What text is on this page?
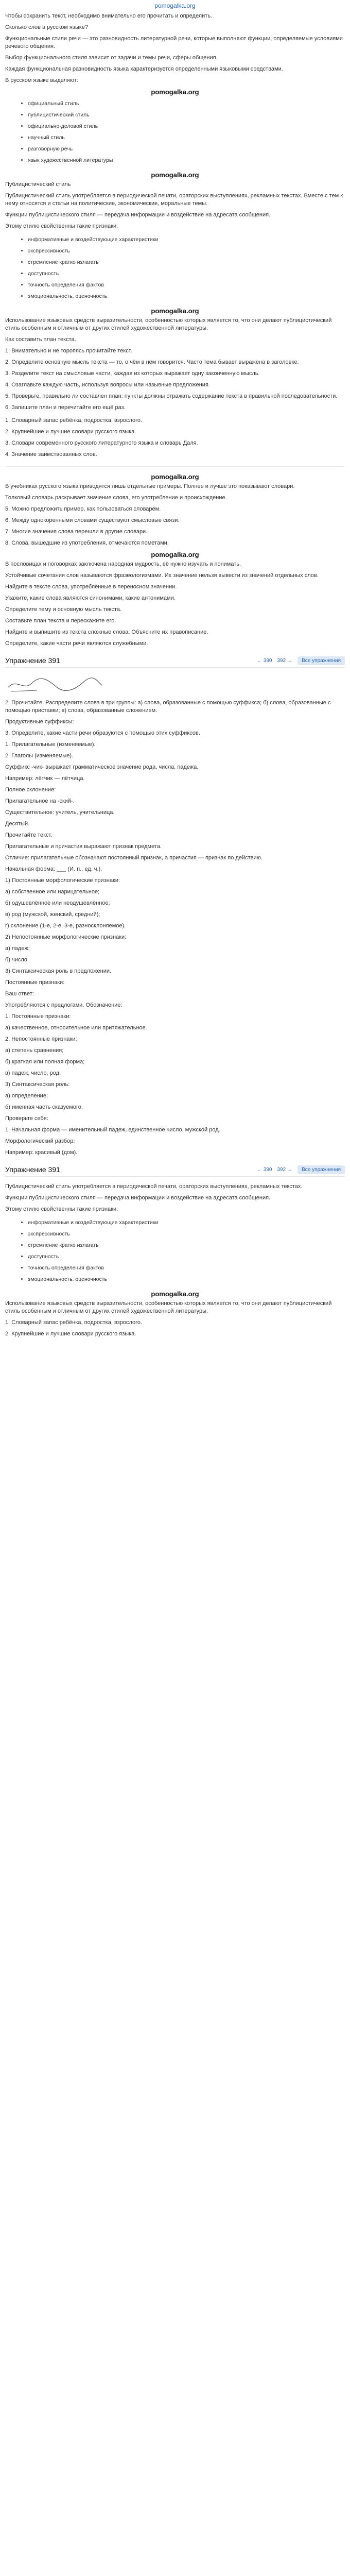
pomogalka.org

Чтобы сохранить текст, необходимо внимательно его прочитать и определить.

Сколько слов в русском языке?

Функциональные стили речи — это разновидность литературной речи, которые выполняют функции, определяемые условиями речевого общения.

Выбор функционального стиля зависит от задачи и темы речи, сферы общения.

Каждая функциональная разновидность языка характеризуется определенными языковыми средствами.

В русском языке выделяют:

pomogalka.org
• официальный стиль
• публицистический стиль
• официально-деловой стиль
• научный стиль
• разговорную речь
• язык художественной литературы
pomogalka.org

Публицистический стиль

Публицистический стиль употребляется в периодической печати, ораторских выступлениях, рекламных текстах. Вместе с тем к нему относятся и статьи на политические, экономические, моральные темы.

Функции публицистического стиля — передача информации и воздействие на адресата сообщения.

Этому стилю свойственны такие признаки:

• информативные и воздействующие характеристики
• экспрессивность
• стремление кратко излагать
• доступность
• точность определения фактов
• эмоциональность, оценочность
pomogalka.org

Использование языковых средств выразительности, особенностью которых является то, что они делают публицистический стиль особенным и отличным от других стилей художественной литературы.

Как составить план текста.

1. Внимательно и не торопясь прочитайте текст.

2. Определите основную мысль текста — то, о чём в нём говорится. Часто тема бывает выражена в заголовке.

3. Разделите текст на смысловые части, каждая из которых выражает одну законченную мысль.

4. Озаглавьте каждую часть, используя вопросы или назывные предложения.

5. Проверьте, правильно ли составлен план: пункты должны отражать содержание текста в правильной последовательности.

6. Запишите план и перечитайте его ещё раз.

1. Словарный запас ребёнка, подростка, взрослого.

2. Крупнейшие и лучшие словари русского языка.

3. Словари современного русского литературного языка и словарь Даля.

4. Значение заимствованных слов.

pomogalka.org

В учебниках русского языка приводятся лишь отдельные примеры. Полнее и лучше это показывают словари.

Толковый словарь раскрывает значение слова, его употребление и происхождение.

5. Можно предложить пример, как пользоваться словарём.

6. Между однокоренными словами существуют смысловые связи.

7. Многие значения слова перешли в другие словари.

8. Слова, вышедшие из употребления, отмечаются пометами.

pomogalka.org

В пословицах и поговорках заключена народная мудрость, её нужно изучать и понимать.

Устойчивые сочетания слов называются фразеологизмами. Их значение нельзя вывести из значений отдельных слов.

Найдите в тексте слова, употреблённые в переносном значении.

Укажите, какие слова являются синонимами, какие антонимами.

Определите тему и основную мысль текста.

Составьте план текста и перескажите его.

Найдите и выпишите из текста сложные слова. Объясните их правописание.

Определите, какие части речи являются служебными.

Упражнение 391	← 390 392 →	Все упражнения

2. Прочитайте. Распределите слова в три группы: а) слова, образованные с помощью суффикса; б) слова, образованные с помощью приставки; в) слова, образованные сложением.

Продуктивные суффиксы:

3. Определите, какие части речи образуются с помощью этих суффиксов.

1. Прилагательные (изменяемые).

2. Глаголы (изменяемые).

Суффикс -чик- выражает грамматическое значение рода, числа, падежа.

Например: лётчик — лётчица.

Полное склонение:

Прилагательное на -ский-.

Существительное: учитель, учительница.

Десятый.

Прочитайте текст.

Прилагательные и причастия выражают признак предмета.

Отличие: прилагательные обозначают постоянный признак, а причастия — признак по действию.

Начальная форма: ___ (И. п., ед. ч.).

1) Постоянные морфологические признаки:

а) собственное или нарицательное;

б) одушевлённое или неодушевлённое;

в) род (мужской, женский, средний);

г) склонение (1-е, 2-е, 3-е, разносклоняемое).

2) Непостоянные морфологические признаки:

а) падеж;

б) число.

3) Синтаксическая роль в предложении.

Постоянные признаки:

Ваш ответ:

Употребляются с предлогами. Обозначение:

1. Постоянные признаки:

а) качественное, относительное или притяжательное.

2. Непостоянные признаки:

а) степень сравнения;

б) краткая или полная форма;

в) падеж, число, род.

3) Синтаксическая роль:

а) определение;

б) именная часть сказуемого.

Проверьте себя:

1. Начальная форма — именительный падеж, единственное число, мужской род.

Морфологический разбор:

Например: красивый (дом).

Упражнение 391	← 390 392 →	Все упражнения

Публицистический стиль употребляется в периодической печати, ораторских выступлениях, рекламных текстах.

Функции публицистического стиля — передача информации и воздействие на адресата сообщения.

Этому стилю свойственны такие признаки:

• информативные и воздействующие характеристики
• экспрессивность
• стремление кратко излагать
• доступность
• точность определения фактов
• эмоциональность, оценочность
pomogalka.org

Использование языковых средств выразительности, особенностью которых является то, что они делают публицистический стиль особенным и отличным от других стилей художественной литературы.

1. Словарный запас ребёнка, подростка, взрослого.

2. Крупнейшие и лучшие словари русского языка.
